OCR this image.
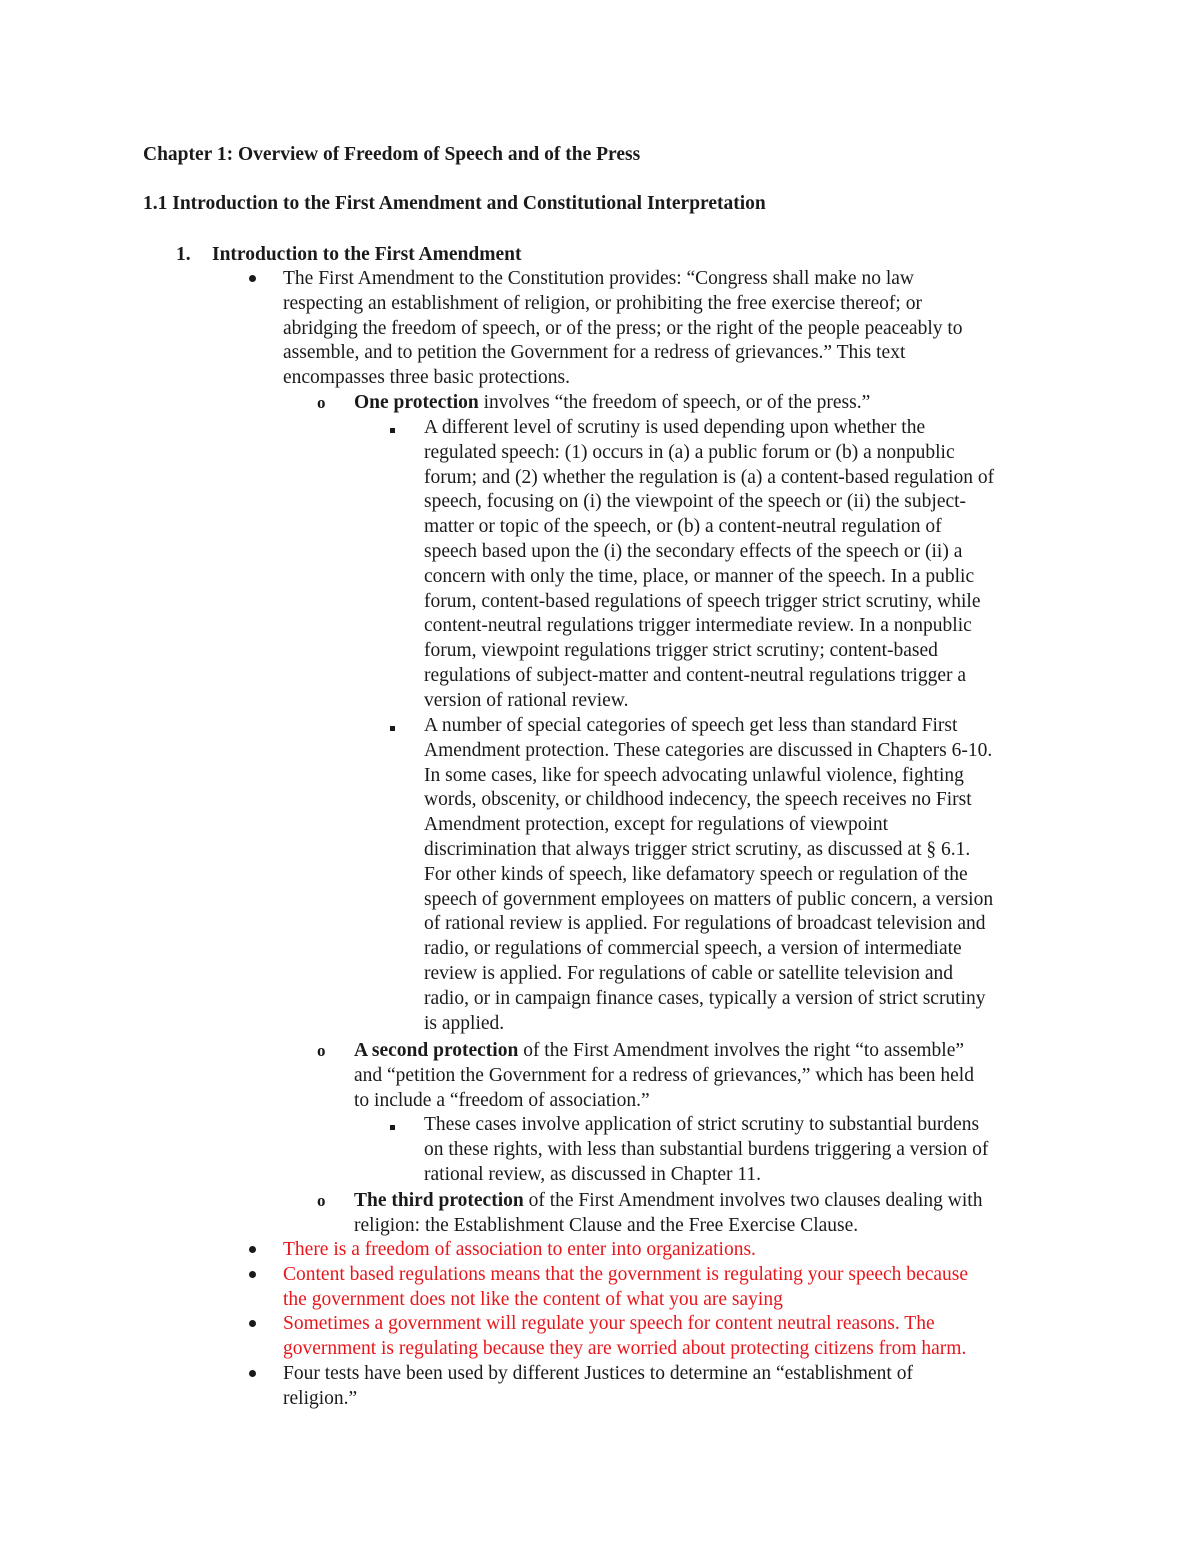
Chapter 1: Overview of Freedom of Speech and of the Press
1.1 Introduction to the First Amendment and Constitutional Interpretation
1. Introduction to the First Amendment

The First Amendment to the Constitution provides: “Congress shall make no law

respecting an establishment of religion, or prohibiting the free exercise thereof; or

abridging the freedom of speech, or of the press; or the right of the people peaceably to

assemble, and to petition the Government for a redress of grievances.” This text

encompasses three basic protections.

o One protection involves “the freedom of speech, or of the press.”

A different level of scrutiny is used depending upon whether the

regulated speech: (1) occurs in (a) a public forum or (b) a nonpublic

forum; and (2) whether the regulation is (a) a content-based regulation of

speech, focusing on (i) the viewpoint of the speech or (ii) the subject-

matter or topic of the speech, or (b) a content-neutral regulation of

speech based upon the (i) the secondary effects of the speech or (ii) a

concern with only the time, place, or manner of the speech. In a public

forum, content-based regulations of speech trigger strict scrutiny, while

content-neutral regulations trigger intermediate review. In a nonpublic

forum, viewpoint regulations trigger strict scrutiny; content-based

regulations of subject-matter and content-neutral regulations trigger a

version of rational review.

A number of special categories of speech get less than standard First

Amendment protection. These categories are discussed in Chapters 6-10.

In some cases, like for speech advocating unlawful violence, fighting

words, obscenity, or childhood indecency, the speech receives no First

Amendment protection, except for regulations of viewpoint

discrimination that always trigger strict scrutiny, as discussed at § 6.1.

For other kinds of speech, like defamatory speech or regulation of the

speech of government employees on matters of public concern, a version

of rational review is applied. For regulations of broadcast television and

radio, or regulations of commercial speech, a version of intermediate

review is applied. For regulations of cable or satellite television and

radio, or in campaign finance cases, typically a version of strict scrutiny

is applied.

o A second protection of the First Amendment involves the right “to assemble”

and “petition the Government for a redress of grievances,” which has been held

to include a “freedom of association.”

These cases involve application of strict scrutiny to substantial burdens

on these rights, with less than substantial burdens triggering a version of

rational review, as discussed in Chapter 11.

o The third protection of the First Amendment involves two clauses dealing with

religion: the Establishment Clause and the Free Exercise Clause.

There is a freedom of association to enter into organizations.

Content based regulations means that the government is regulating your speech because

the government does not like the content of what you are saying

Sometimes a government will regulate your speech for content neutral reasons. The

government is regulating because they are worried about protecting citizens from harm.

Four tests have been used by different Justices to determine an “establishment of

religion.”
